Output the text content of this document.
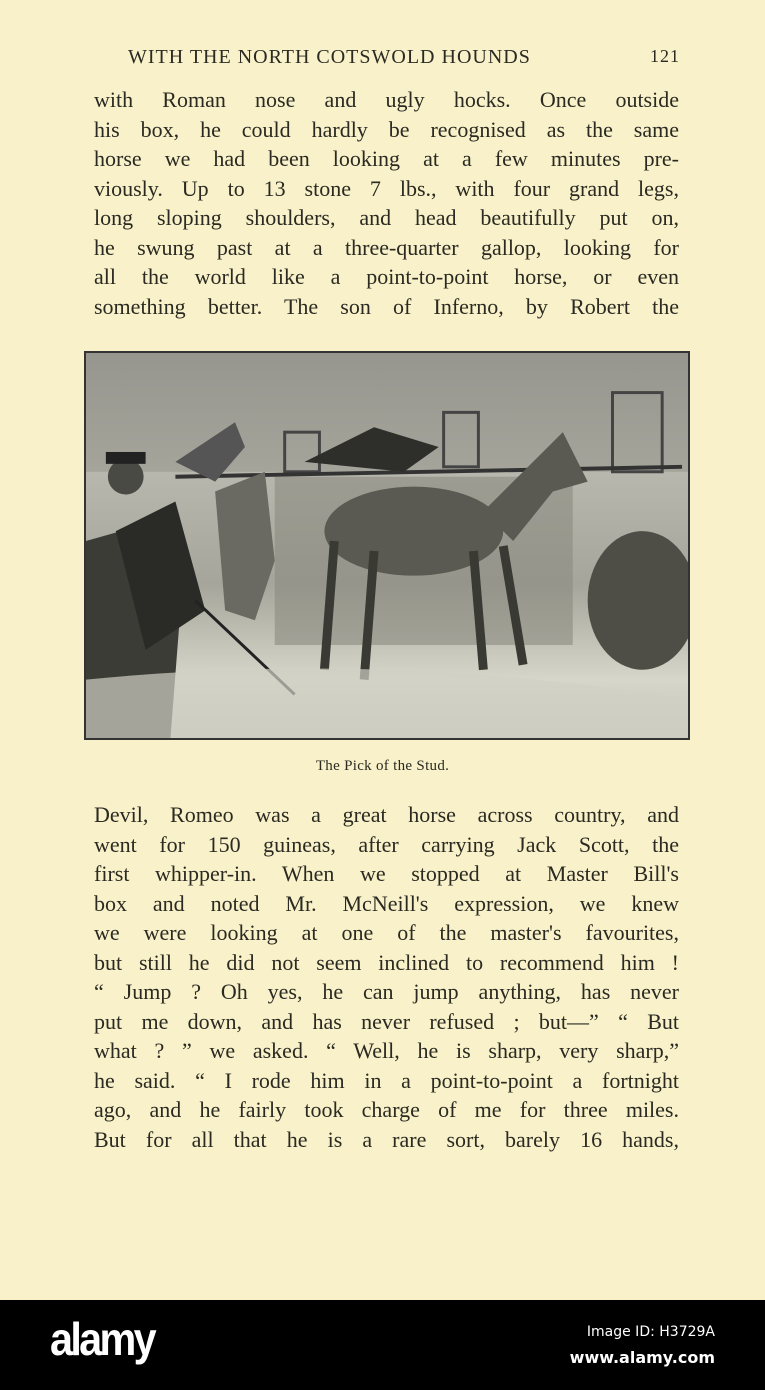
WITH THE NORTH COTSWOLD HOUNDS	121
with Roman nose and ugly hocks. Once outside
his box, he could hardly be recognised as the same
horse we had been looking at a few minutes pre-
viously. Up to 13 stone 7 lbs., with four grand legs,
long sloping shoulders, and head beautifully put on,
he swung past at a three-quarter gallop, looking for
all the world like a point-to-point horse, or even
something better. The son of Inferno, by Robert the
The Pick of the Stud.
Devil, Romeo was a great horse across country, and
went for 150 guineas, after carrying Jack Scott, the
first whipper-in. When we stopped at Master Bill's
box and noted Mr. McNeill's expression, we knew
we were looking at one of the master's favourites,
but still he did not seem inclined to recommend him !
“ Jump ? Oh yes, he can jump anything, has never
put me down, and has never refused ; but—” “ But
what ? ” we asked. “ Well, he is sharp, very sharp,”
he said. “ I rode him in a point-to-point a fortnight
ago, and he fairly took charge of me for three miles.
But for all that he is a rare sort, barely 16 hands,
alamy	Image ID: H3729A
www.alamy.com
